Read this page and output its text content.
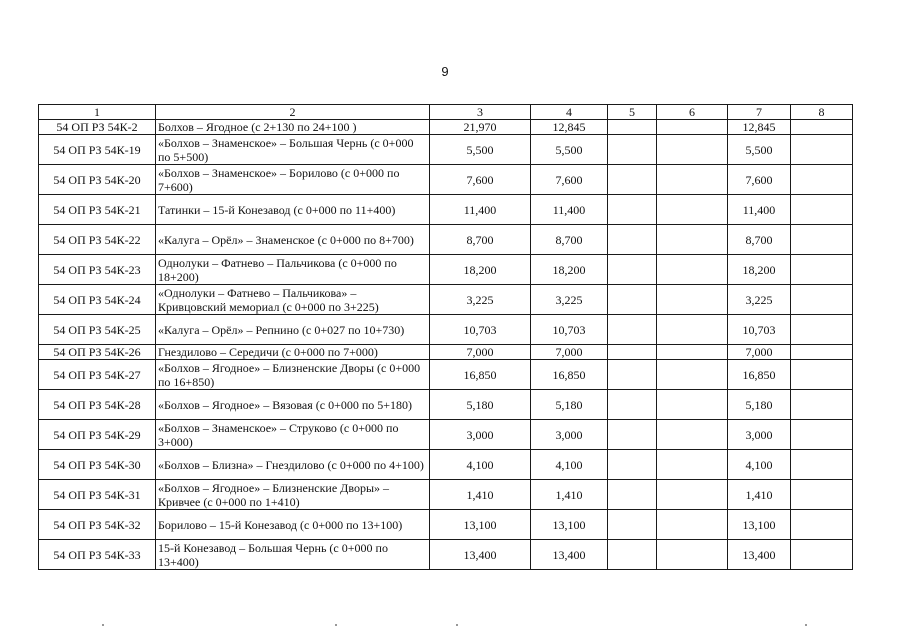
9
1	2	3	4	5	6	7	8
54 ОП РЗ 54К-2	Болхов – Ягодное (с 2+130 по 24+100 )	21,970	12,845			12,845	
54 ОП РЗ 54К-19	«Болхов – Знаменское» – Большая Чернь (с 0+000 по 5+500)	5,500	5,500			5,500	
54 ОП РЗ 54К-20	«Болхов – Знаменское» – Борилово (с 0+000 по 7+600)	7,600	7,600			7,600	
54 ОП РЗ 54К-21	Татинки – 15-й Конезавод (с 0+000 по 11+400)	11,400	11,400			11,400	
54 ОП РЗ 54К-22	«Калуга – Орёл» – Знаменское (с 0+000 по 8+700)	8,700	8,700			8,700	
54 ОП РЗ 54К-23	Однолуки – Фатнево – Пальчикова (с 0+000 по 18+200)	18,200	18,200			18,200	
54 ОП РЗ 54К-24	«Однолуки – Фатнево – Пальчикова» – Кривцовский мемориал (с 0+000 по 3+225)	3,225	3,225			3,225	
54 ОП РЗ 54К-25	«Калуга – Орёл» – Репнино (с 0+027 по 10+730)	10,703	10,703			10,703	
54 ОП РЗ 54К-26	Гнездилово – Середичи (с 0+000 по 7+000)	7,000	7,000			7,000	
54 ОП РЗ 54К-27	«Болхов – Ягодное» – Близненские Дворы (с 0+000 по 16+850)	16,850	16,850			16,850	
54 ОП РЗ 54К-28	«Болхов – Ягодное» – Вязовая (с 0+000 по 5+180)	5,180	5,180			5,180	
54 ОП РЗ 54К-29	«Болхов – Знаменское» – Струково (с 0+000 по 3+000)	3,000	3,000			3,000	
54 ОП РЗ 54К-30	«Болхов – Близна» – Гнездилово (с 0+000 по 4+100)	4,100	4,100			4,100	
54 ОП РЗ 54К-31	«Болхов – Ягодное» – Близненские Дворы» – Кривчее (с 0+000 по 1+410)	1,410	1,410			1,410	
54 ОП РЗ 54К-32	Борилово – 15-й Конезавод (с 0+000 по 13+100)	13,100	13,100			13,100	
54 ОП РЗ 54К-33	15-й Конезавод – Большая Чернь (с 0+000 по 13+400)	13,400	13,400			13,400	
